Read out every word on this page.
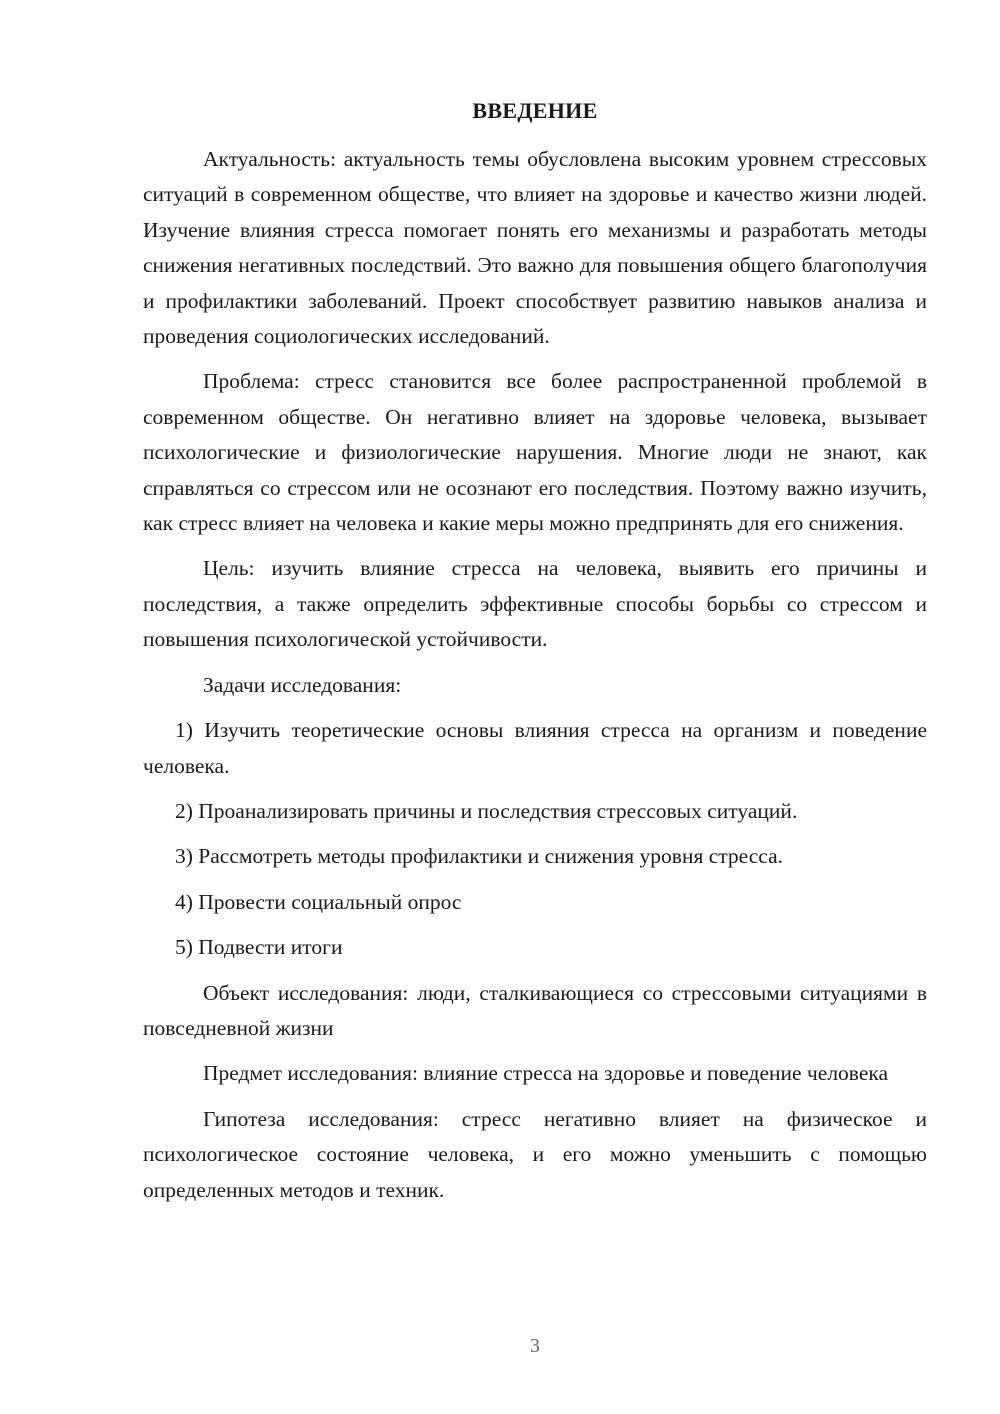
ВВЕДЕНИЕ

Актуальность: актуальность темы обусловлена высоким уровнем стрессовых ситуаций в современном обществе, что влияет на здоровье и качество жизни людей. Изучение влияния стресса помогает понять его механизмы и разработать методы снижения негативных последствий. Это важно для повышения общего благополучия и профилактики заболеваний. Проект способствует развитию навыков анализа и проведения социологических исследований.

Проблема: стресс становится все более распространенной проблемой в современном обществе. Он негативно влияет на здоровье человека, вызывает психологические и физиологические нарушения. Многие люди не знают, как справляться со стрессом или не осознают его последствия. Поэтому важно изучить, как стресс влияет на человека и какие меры можно предпринять для его снижения.

Цель: изучить влияние стресса на человека, выявить его причины и последствия, а также определить эффективные способы борьбы со стрессом и повышения психологической устойчивости.

Задачи исследования:

1) Изучить теоретические основы влияния стресса на организм и поведение человека.

2) Проанализировать причины и последствия стрессовых ситуаций.

3) Рассмотреть методы профилактики и снижения уровня стресса.

4) Провести социальный опрос

5) Подвести итоги

Объект исследования: люди, сталкивающиеся со стрессовыми ситуациями в повседневной жизни

Предмет исследования: влияние стресса на здоровье и поведение человека

Гипотеза исследования: стресс негативно влияет на физическое и психологическое состояние человека, и его можно уменьшить с помощью определенных методов и техник.

3
